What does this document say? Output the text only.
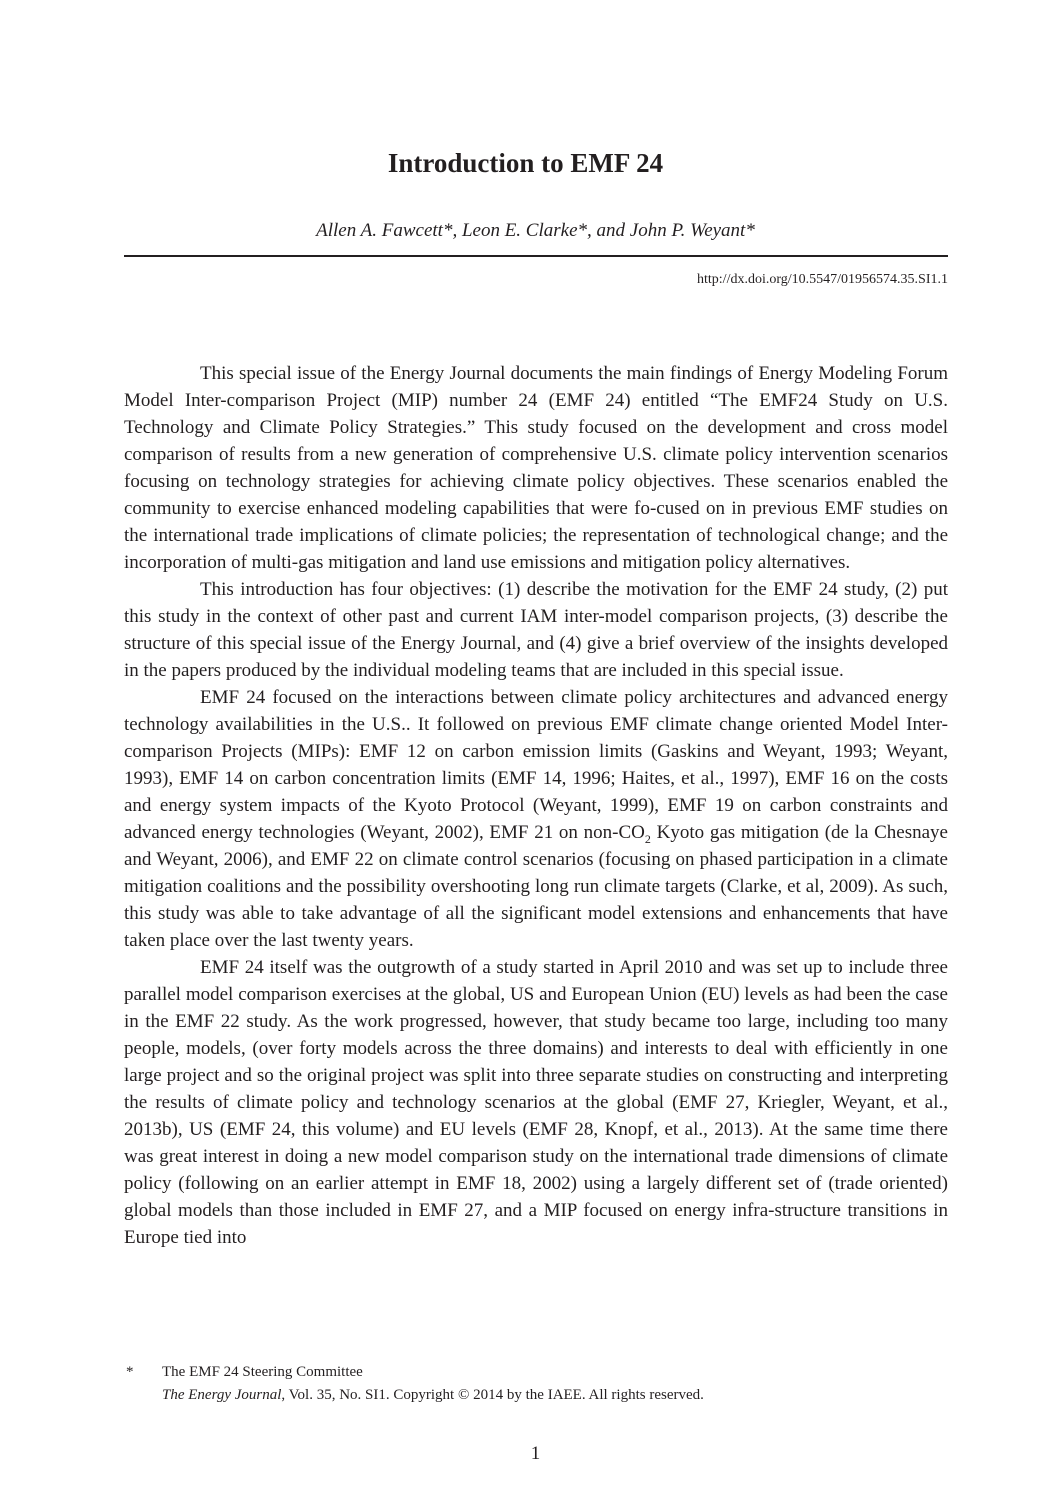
Introduction to EMF 24
Allen A. Fawcett*, Leon E. Clarke*, and John P. Weyant*
http://dx.doi.org/10.5547/01956574.35.SI1.1

This special issue of the Energy Journal documents the main findings of Energy Modeling Forum Model Inter-comparison Project (MIP) number 24 (EMF 24) entitled “The EMF24 Study on U.S. Technology and Climate Policy Strategies.” This study focused on the development and cross model comparison of results from a new generation of comprehensive U.S. climate policy intervention scenarios focusing on technology strategies for achieving climate policy objectives. These scenarios enabled the community to exercise enhanced modeling capabilities that were fo-cused on in previous EMF studies on the international trade implications of climate policies; the representation of technological change; and the incorporation of multi-gas mitigation and land use emissions and mitigation policy alternatives.

This introduction has four objectives: (1) describe the motivation for the EMF 24 study, (2) put this study in the context of other past and current IAM inter-model comparison projects, (3) describe the structure of this special issue of the Energy Journal, and (4) give a brief overview of the insights developed in the papers produced by the individual modeling teams that are included in this special issue.

EMF 24 focused on the interactions between climate policy architectures and advanced energy technology availabilities in the U.S.. It followed on previous EMF climate change oriented Model Inter-comparison Projects (MIPs): EMF 12 on carbon emission limits (Gaskins and Weyant, 1993; Weyant, 1993), EMF 14 on carbon concentration limits (EMF 14, 1996; Haites, et al., 1997), EMF 16 on the costs and energy system impacts of the Kyoto Protocol (Weyant, 1999), EMF 19 on carbon constraints and advanced energy technologies (Weyant, 2002), EMF 21 on non-$CO_2$ Kyoto gas mitigation (de la Chesnaye and Weyant, 2006), and EMF 22 on climate control scenarios (focusing on phased participation in a climate mitigation coalitions and the possibility overshooting long run climate targets (Clarke, et al, 2009). As such, this study was able to take advantage of all the significant model extensions and enhancements that have taken place over the last twenty years.

EMF 24 itself was the outgrowth of a study started in April 2010 and was set up to include three parallel model comparison exercises at the global, US and European Union (EU) levels as had been the case in the EMF 22 study. As the work progressed, however, that study became too large, including too many people, models, (over forty models across the three domains) and interests to deal with efficiently in one large project and so the original project was split into three separate studies on constructing and interpreting the results of climate policy and technology scenarios at the global (EMF 27, Kriegler, Weyant, et al., 2013b), US (EMF 24, this volume) and EU levels (EMF 28, Knopf, et al., 2013). At the same time there was great interest in doing a new model comparison study on the international trade dimensions of climate policy (following on an earlier attempt in EMF 18, 2002) using a largely different set of (trade oriented) global models than those included in EMF 27, and a MIP focused on energy infra-structure transitions in Europe tied into

* The EMF 24 Steering Committee
The Energy Journal, Vol. 35, No. SI1. Copyright © 2014 by the IAEE. All rights reserved.
1
